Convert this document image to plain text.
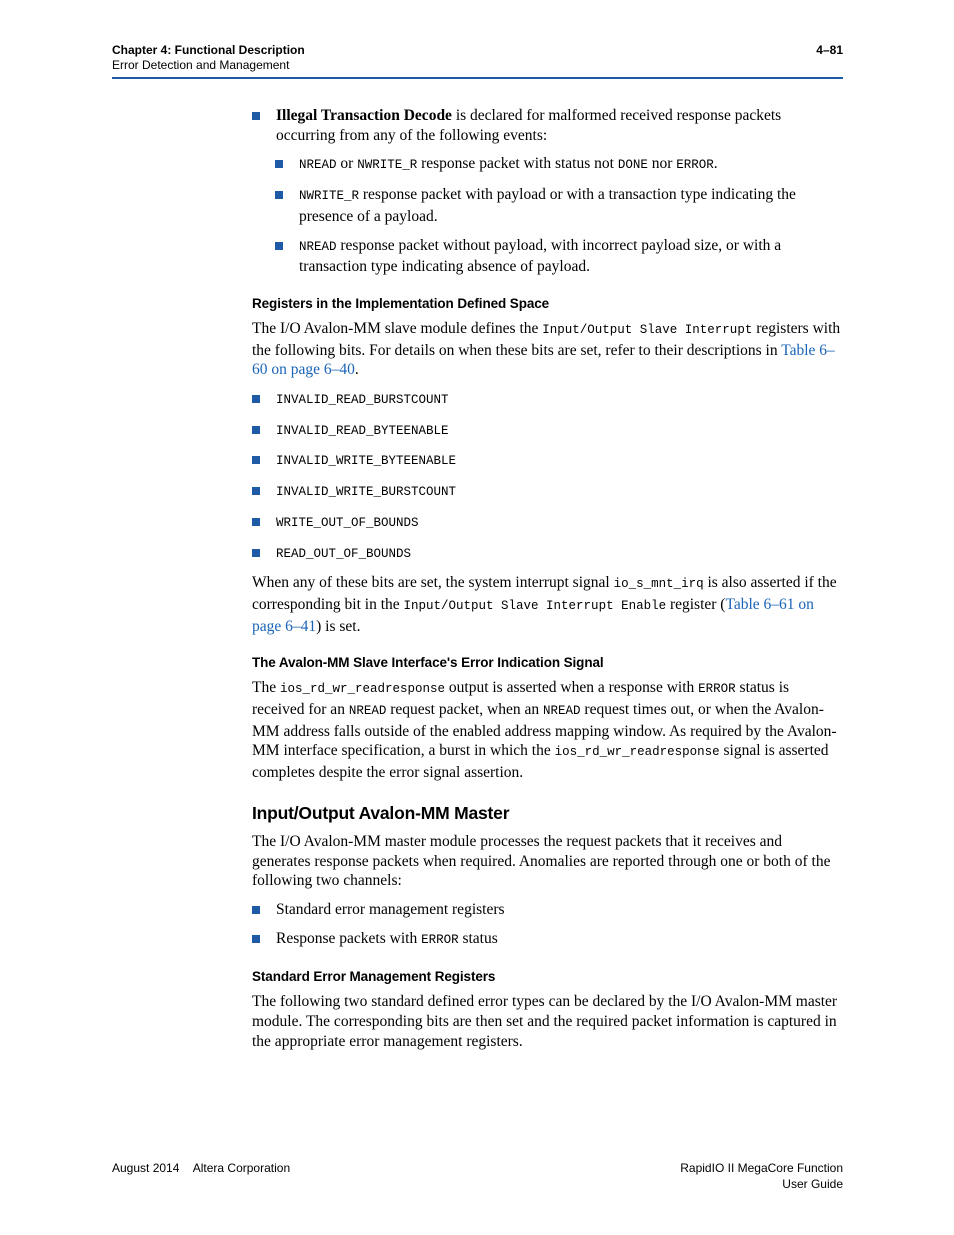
Chapter 4: Functional Description
Error Detection and Management
4–81
Illegal Transaction Decode is declared for malformed received response packets occurring from any of the following events:
NREAD or NWRITE_R response packet with status not DONE nor ERROR.
NWRITE_R response packet with payload or with a transaction type indicating the presence of a payload.
NREAD response packet without payload, with incorrect payload size, or with a transaction type indicating absence of payload.
Registers in the Implementation Defined Space

The I/O Avalon-MM slave module defines the Input/Output Slave Interrupt registers with the following bits. For details on when these bits are set, refer to their descriptions in Table 6–60 on page 6–40.

INVALID_READ_BURSTCOUNT
INVALID_READ_BYTEENABLE
INVALID_WRITE_BYTEENABLE
INVALID_WRITE_BURSTCOUNT
WRITE_OUT_OF_BOUNDS
READ_OUT_OF_BOUNDS

When any of these bits are set, the system interrupt signal io_s_mnt_irq is also asserted if the corresponding bit in the Input/Output Slave Interrupt Enable register (Table 6–61 on page 6–41) is set.

The Avalon-MM Slave Interface's Error Indication Signal

The ios_rd_wr_readresponse output is asserted when a response with ERROR status is received for an NREAD request packet, when an NREAD request times out, or when the Avalon-MM address falls outside of the enabled address mapping window. As required by the Avalon-MM interface specification, a burst in which the ios_rd_wr_readresponse signal is asserted completes despite the error signal assertion.

Input/Output Avalon-MM Master

The I/O Avalon-MM master module processes the request packets that it receives and generates response packets when required. Anomalies are reported through one or both of the following two channels:

Standard error management registers
Response packets with ERROR status
Standard Error Management Registers

The following two standard defined error types can be declared by the I/O Avalon-MM master module. The corresponding bits are then set and the required packet information is captured in the appropriate error management registers.

August 2014 Altera Corporation	RapidIO II MegaCore Function
User Guide
